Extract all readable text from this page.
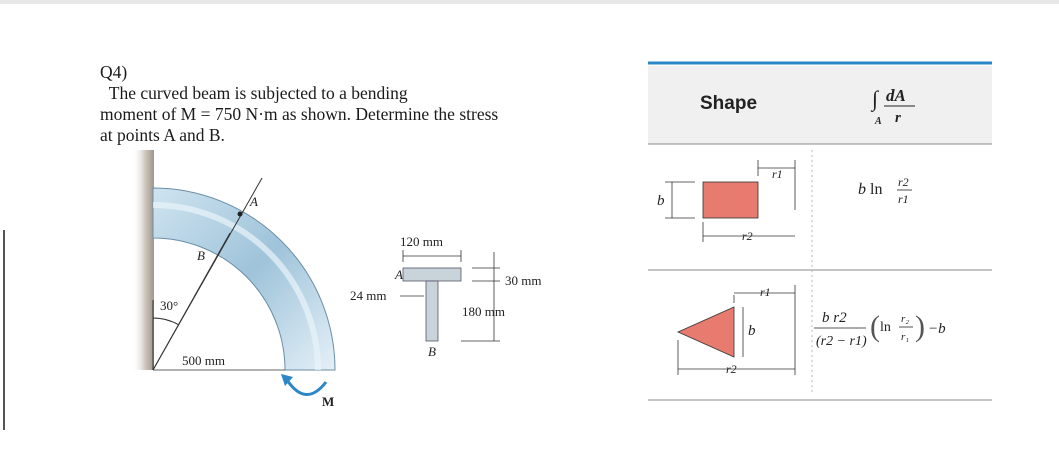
Q4)
The curved beam is subjected to a bending
moment of M = 750 N·m as shown. Determine the stress
at points A and B.
A
B
30°
500 mm
M
120 mm
30 mm
24 mm
180 mm
A
B
Shape	∫ dA
r
A
b
r1
r2
b ln r2
r1
r1
b
r2
b r2
(r2 − r1) ( ln
r₂
r₁ ) −b
